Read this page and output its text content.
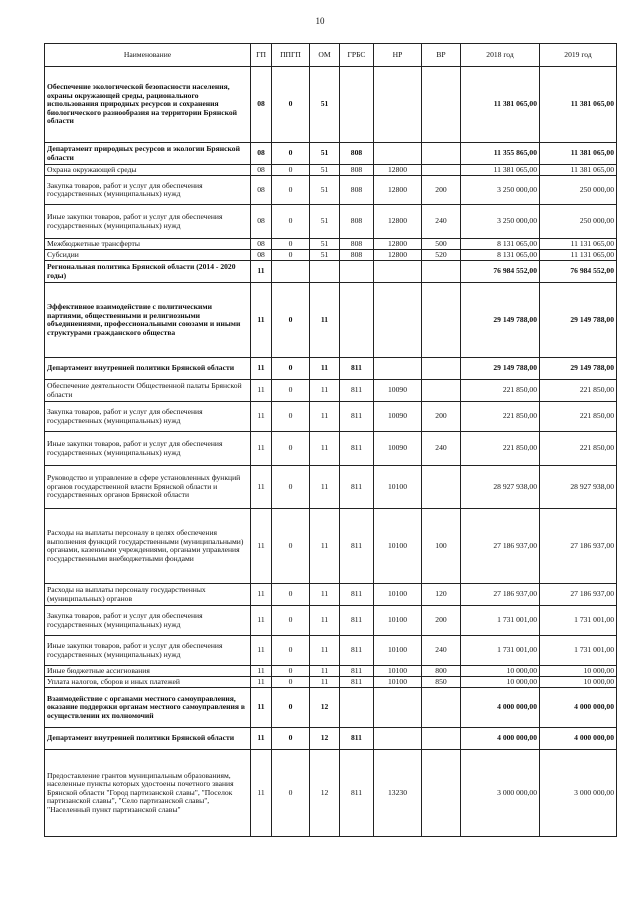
10
Наименование	ГП	ППГП	ОМ	ГРБС	НР	ВР	2018 год	2019 год
Обеспечение экологической безопасности населения, охраны окружающей среды, рационального использования природных ресурсов и сохранения биологического разнообразия на территории Брянской области	08	0	51				11 381 065,00	11 381 065,00
Департамент природных ресурсов и экологии Брянской области	08	0	51	808			11 355 865,00	11 381 065,00
Охрана окружающей среды	08	0	51	808	12800		11 381 065,00	11 381 065,00
Закупка товаров, работ и услуг для обеспечения государственных (муниципальных) нужд	08	0	51	808	12800	200	3 250 000,00	250 000,00
Иные закупки товаров, работ и услуг для обеспечения государственных (муниципальных) нужд	08	0	51	808	12800	240	3 250 000,00	250 000,00
Межбюджетные трансферты	08	0	51	808	12800	500	8 131 065,00	11 131 065,00
Субсидии	08	0	51	808	12800	520	8 131 065,00	11 131 065,00
Региональная политика Брянской области (2014 - 2020 годы)	11						76 984 552,00	76 984 552,00
Эффективное взаимодействие с политическими партиями, общественными и религиозными объединениями, профессиональными союзами и иными структурами гражданского общества	11	0	11				29 149 788,00	29 149 788,00
Департамент внутренней политики Брянской области	11	0	11	811			29 149 788,00	29 149 788,00
Обеспечение деятельности Общественной палаты Брянской области	11	0	11	811	10090		221 850,00	221 850,00
Закупка товаров, работ и услуг для обеспечения государственных (муниципальных) нужд	11	0	11	811	10090	200	221 850,00	221 850,00
Иные закупки товаров, работ и услуг для обеспечения государственных (муниципальных) нужд	11	0	11	811	10090	240	221 850,00	221 850,00
Руководство и управление в сфере установленных функций органов государственной власти Брянской области и государственных органов Брянской области	11	0	11	811	10100		28 927 938,00	28 927 938,00
Расходы на выплаты персоналу в целях обеспечения выполнения функций государственными (муниципальными) органами, казенными учреждениями, органами управления государственными внебюджетными фондами	11	0	11	811	10100	100	27 186 937,00	27 186 937,00
Расходы на выплаты персоналу государственных (муниципальных) органов	11	0	11	811	10100	120	27 186 937,00	27 186 937,00
Закупка товаров, работ и услуг для обеспечения государственных (муниципальных) нужд	11	0	11	811	10100	200	1 731 001,00	1 731 001,00
Иные закупки товаров, работ и услуг для обеспечения государственных (муниципальных) нужд	11	0	11	811	10100	240	1 731 001,00	1 731 001,00
Иные бюджетные ассигнования	11	0	11	811	10100	800	10 000,00	10 000,00
Уплата налогов, сборов и иных платежей	11	0	11	811	10100	850	10 000,00	10 000,00
Взаимодействие с органами местного самоуправления, оказание поддержки органам местного самоуправления в осуществлении их полномочий	11	0	12				4 000 000,00	4 000 000,00
Департамент внутренней политики Брянской области	11	0	12	811			4 000 000,00	4 000 000,00
Предоставление грантов муниципальным образованиям, населенные пункты которых удостоены почетного звания Брянской области "Город партизанской славы", "Поселок партизанской славы", "Село партизанской славы", "Населенный пункт партизанской славы"	11	0	12	811	13230		3 000 000,00	3 000 000,00
